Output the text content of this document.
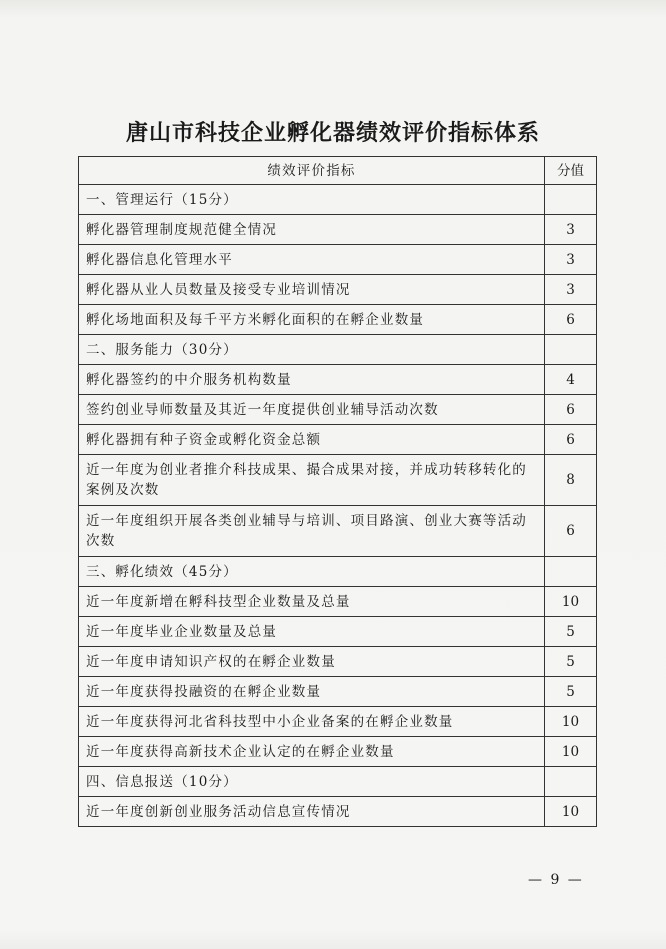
唐山市科技企业孵化器绩效评价指标体系
绩效评价指标	分值
一、管理运行（15分）	
孵化器管理制度规范健全情况	3
孵化器信息化管理水平	3
孵化器从业人员数量及接受专业培训情况	3
孵化场地面积及每千平方米孵化面积的在孵企业数量	6
二、服务能力（30分）	
孵化器签约的中介服务机构数量	4
签约创业导师数量及其近一年度提供创业辅导活动次数	6
孵化器拥有种子资金或孵化资金总额	6
近一年度为创业者推介科技成果、撮合成果对接，并成功转移转化的案例及次数	8
近一年度组织开展各类创业辅导与培训、项目路演、创业大赛等活动次数	6
三、孵化绩效（45分）	
近一年度新增在孵科技型企业数量及总量	10
近一年度毕业企业数量及总量	5
近一年度申请知识产权的在孵企业数量	5
近一年度获得投融资的在孵企业数量	5
近一年度获得河北省科技型中小企业备案的在孵企业数量	10
近一年度获得高新技术企业认定的在孵企业数量	10
四、信息报送（10分）	
近一年度创新创业服务活动信息宣传情况	10
— 9 —
